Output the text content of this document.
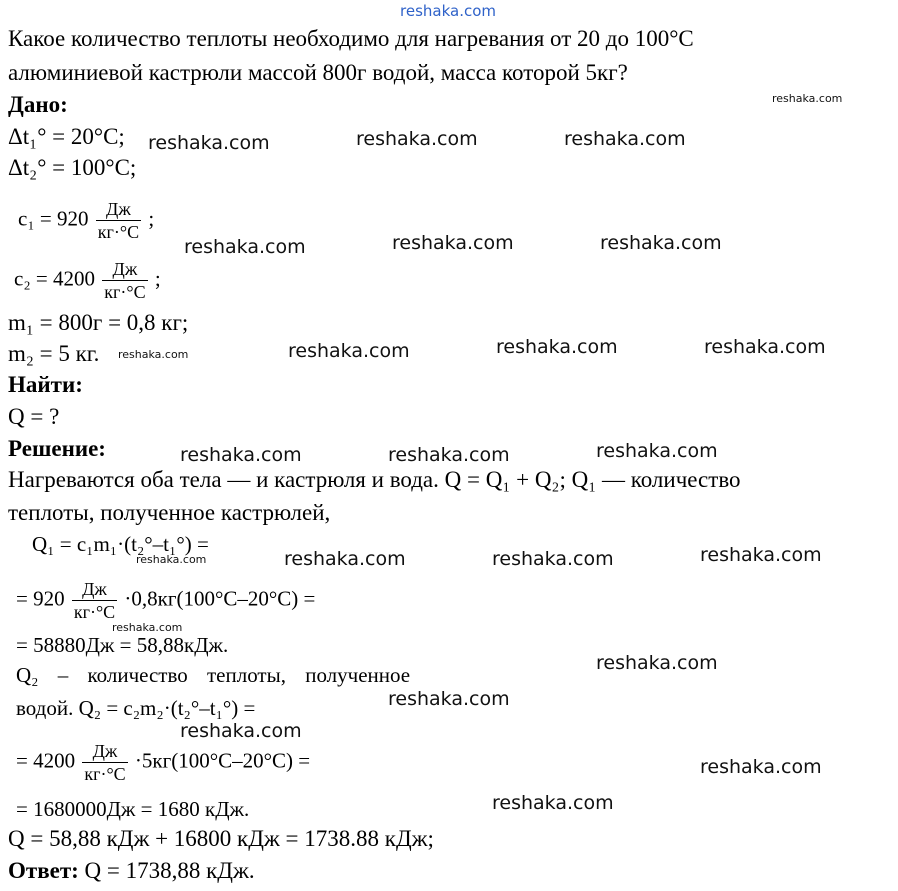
reshaka.com
Какое количество теплоты необходимо для нагревания от 20 до 100°C
алюминиевой кастрюли массой 800г водой, масса которой 5кг?
Дано:
Δt₁° = 20°C;
Δt₂° = 100°C;
$c_1 = 920 \frac{Дж}{кг\cdot^\circ C}$ ;
$c_2 = 4200 \frac{Дж}{кг\cdot^\circ C}$ ;
m₁ = 800г = 0,8 кг;
m₂ = 5 кг.
Найти:
Q = ?
Решение:
Нагреваются оба тела — и кастрюля и вода. Q = Q₁ + Q₂; Q₁ — количество
теплоты, полученное кастрюлей,
Q₁ = c₁m₁·(t₂°–t₁°) =
= $920 \frac{Дж}{кг\cdot^\circ C} \cdot 0,8кг(100^\circ C-20^\circ C)$ =
= 58880Дж = 58,88кДж.
Q₂ – количество теплоты, полученное
водой. Q₂ = c₂m₂·(t₂°–t₁°) =
= $4200 \frac{Дж}{кг\cdot^\circ C} \cdot 5кг(100^\circ C-20^\circ C)$ =
= 1680000Дж = 1680 кДж.
Q = 58,88 кДж + 16800 кДж = 1738.88 кДж;
Ответ: Q = 1738,88 кДж.
reshaka.com
reshaka.com	reshaka.com	reshaka.com
reshaka.com	reshaka.com	reshaka.com
reshaka.com	reshaka.com	reshaka.com	reshaka.com
reshaka.com	reshaka.com	reshaka.com
reshaka.com	reshaka.com	reshaka.com	reshaka.com
reshaka.com
reshaka.com
reshaka.com
reshaka.com
reshaka.com
reshaka.com
